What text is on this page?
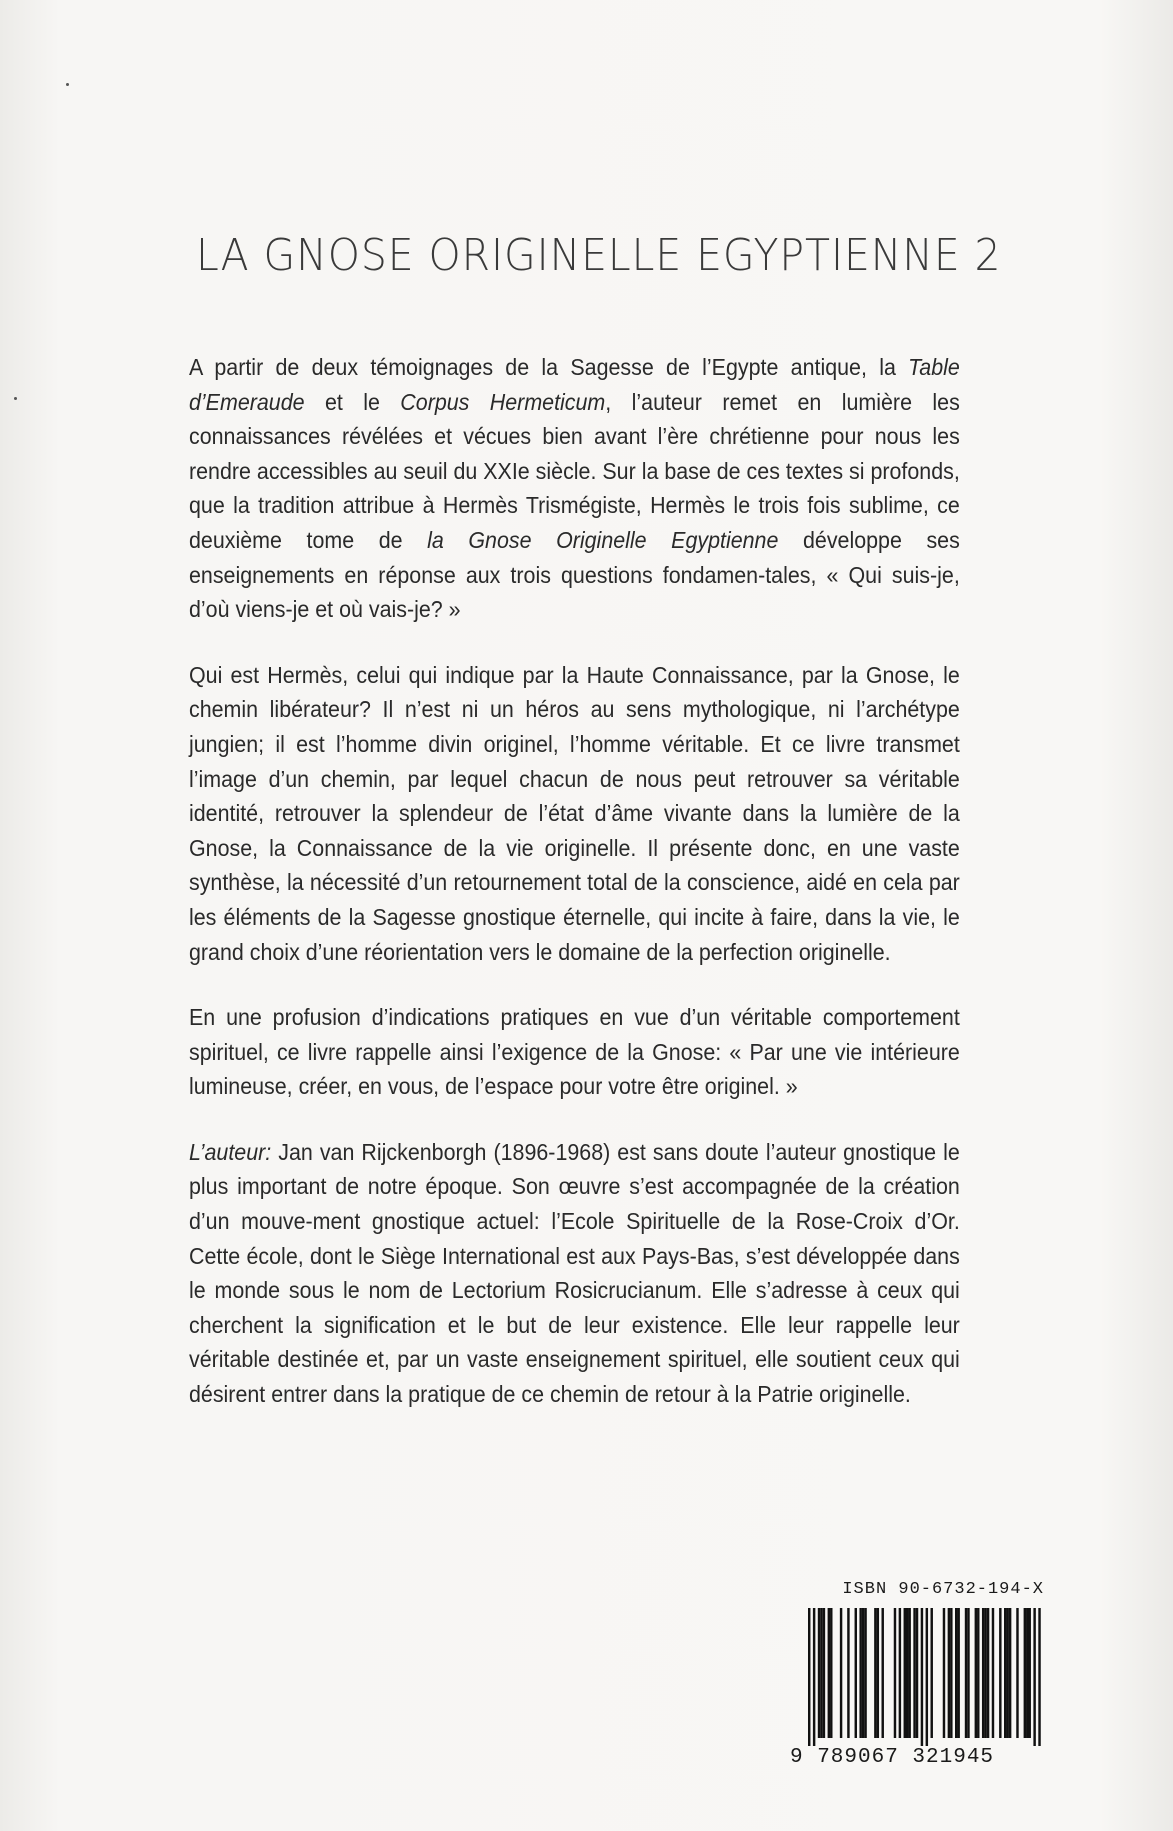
LA GNOSE ORIGINELLE EGYPTIENNE 2

A partir de deux témoignages de la Sagesse de l’Egypte antique, la Table d’Emeraude et le Corpus Hermeticum, l’auteur remet en lumière les connaissances révélées et vécues bien avant l’ère chrétienne pour nous les rendre accessibles au seuil du XXIe siècle. Sur la base de ces textes si profonds, que la tradition attribue à Hermès Trismégiste, Hermès le trois fois sublime, ce deuxième tome de la Gnose Originelle Egyptienne développe ses enseignements en réponse aux trois questions fondamen-tales, « Qui suis-je, d’où viens-je et où vais-je? »

Qui est Hermès, celui qui indique par la Haute Connaissance, par la Gnose, le chemin libérateur? Il n’est ni un héros au sens mythologique, ni l’archétype jungien; il est l’homme divin originel, l’homme véritable. Et ce livre transmet l’image d’un chemin, par lequel chacun de nous peut retrouver sa véritable identité, retrouver la splendeur de l’état d’âme vivante dans la lumière de la Gnose, la Connaissance de la vie originelle. Il présente donc, en une vaste synthèse, la nécessité d’un retournement total de la conscience, aidé en cela par les éléments de la Sagesse gnostique éternelle, qui incite à faire, dans la vie, le grand choix d’une réorientation vers le domaine de la perfection originelle.

En une profusion d’indications pratiques en vue d’un véritable comportement spirituel, ce livre rappelle ainsi l’exigence de la Gnose: « Par une vie intérieure lumineuse, créer, en vous, de l’espace pour votre être originel. »

L’auteur: Jan van Rijckenborgh (1896-1968) est sans doute l’auteur gnostique le plus important de notre époque. Son œuvre s’est accompagnée de la création d’un mouve-ment gnostique actuel: l’Ecole Spirituelle de la Rose-Croix d’Or. Cette école, dont le Siège International est aux Pays-Bas, s’est développée dans le monde sous le nom de Lectorium Rosicrucianum. Elle s’adresse à ceux qui cherchent la signification et le but de leur existence. Elle leur rappelle leur véritable destinée et, par un vaste enseignement spirituel, elle soutient ceux qui désirent entrer dans la pratique de ce chemin de retour à la Patrie originelle.

ISBN 90-6732-194-X
9 789067 321945
